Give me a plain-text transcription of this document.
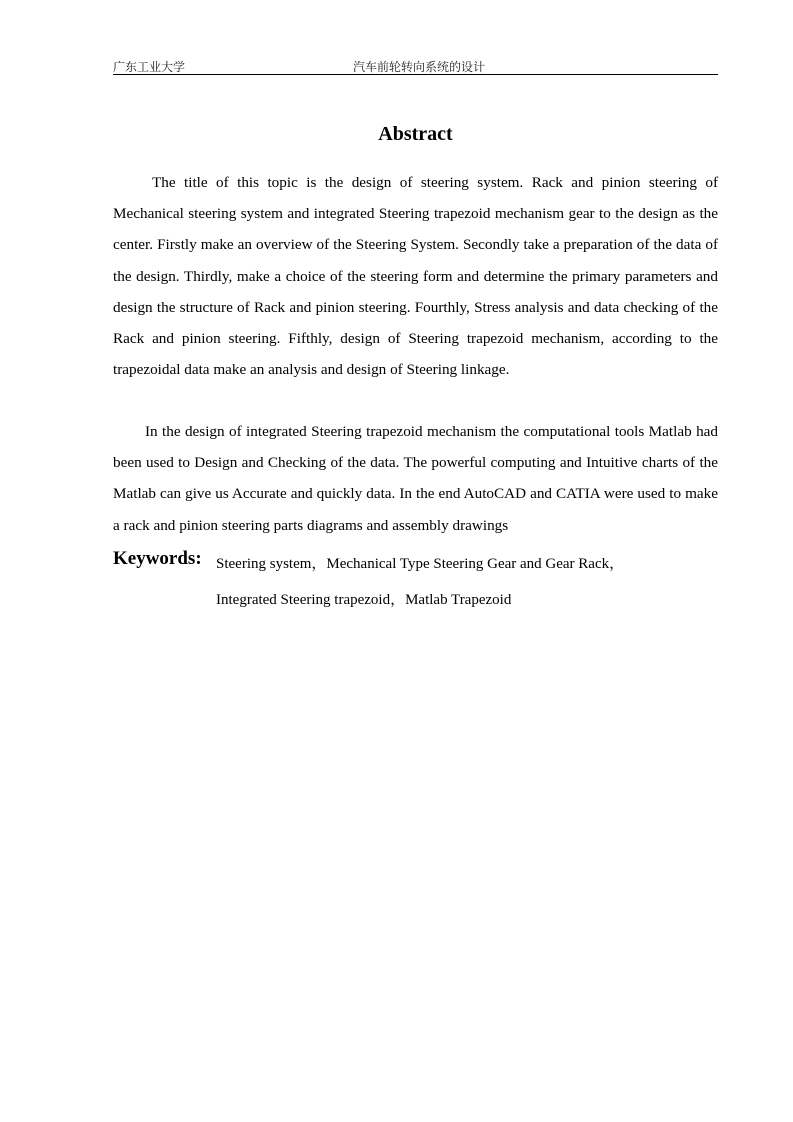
广东工业大学	汽车前轮转向系统的设计
Abstract

The title of this topic is the design of steering system. Rack and pinion steering of Mechanical steering system and integrated Steering trapezoid mechanism gear to the design as the center. Firstly make an overview of the Steering System. Secondly take a preparation of the data of the design. Thirdly, make a choice of the steering form and determine the primary parameters and design the structure of Rack and pinion steering. Fourthly, Stress analysis and data checking of the Rack and pinion steering. Fifthly, design of Steering trapezoid mechanism, according to the trapezoidal data make an analysis and design of Steering linkage.

In the design of integrated Steering trapezoid mechanism the computational tools Matlab had been used to Design and Checking of the data. The powerful computing and Intuitive charts of the Matlab can give us Accurate and quickly data. In the end AutoCAD and CATIA were used to make a rack and pinion steering parts diagrams and assembly drawings

Keywords: Steering system，Mechanical Type Steering Gear and Gear Rack，
Integrated Steering trapezoid，Matlab Trapezoid
